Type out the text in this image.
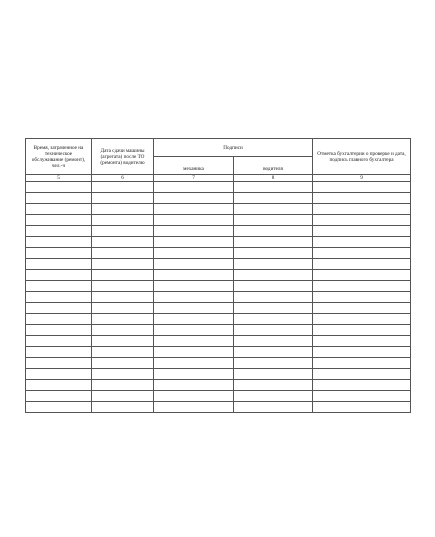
Время, затраченное на техническое обслуживание (ремонт), чел.-ч	Дата сдачи машины (агрегата) после ТО (ремонта) водителю	Подписи		Отметка бухгалтерии о проверке и дата, подпись главного бухгалтера

		механика	водителя	

5	6	7	8	9
